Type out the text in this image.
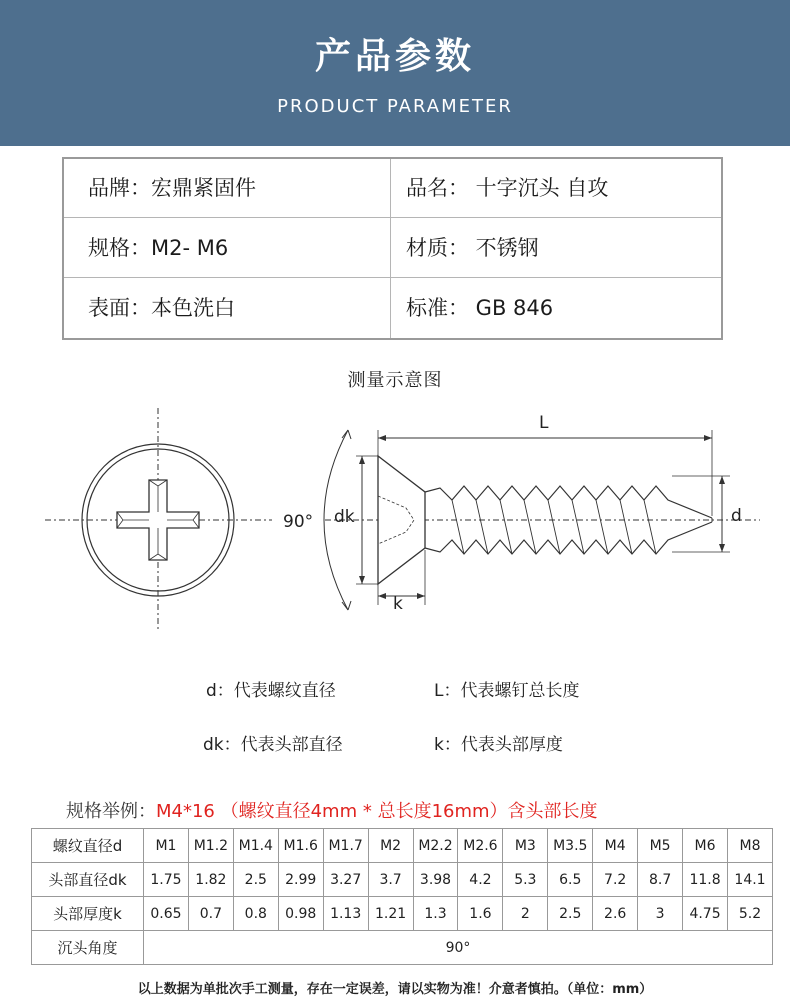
产品参数
PRODUCT PARAMETER
品牌：宏鼎紧固件	品名： 十字沉头 自攻
规格：M2- M6	材质： 不锈钢
表面：本色洗白	标准： GB 846
测量示意图
90° dk
L
d
k
d：代表螺纹直径	L：代表螺钉总长度
dk：代表头部直径	k：代表头部厚度
规格举例：M4*16 （螺纹直径4mm * 总长度16mm）含头部长度
螺纹直径d	M1	M1.2	M1.4	M1.6	M1.7	M2	M2.2	M2.6	M3	M3.5	M4	M5	M6	M8
头部直径dk	1.75	1.82	2.5	2.99	3.27	3.7	3.98	4.2	5.3	6.5	7.2	8.7	11.8	14.1
头部厚度k	0.65	0.7	0.8	0.98	1.13	1.21	1.3	1.6	2	2.5	2.6	3	4.75	5.2
沉头角度	90°													
以上数据为单批次手工测量，存在一定误差，请以实物为准！介意者慎拍。（单位：mm）
